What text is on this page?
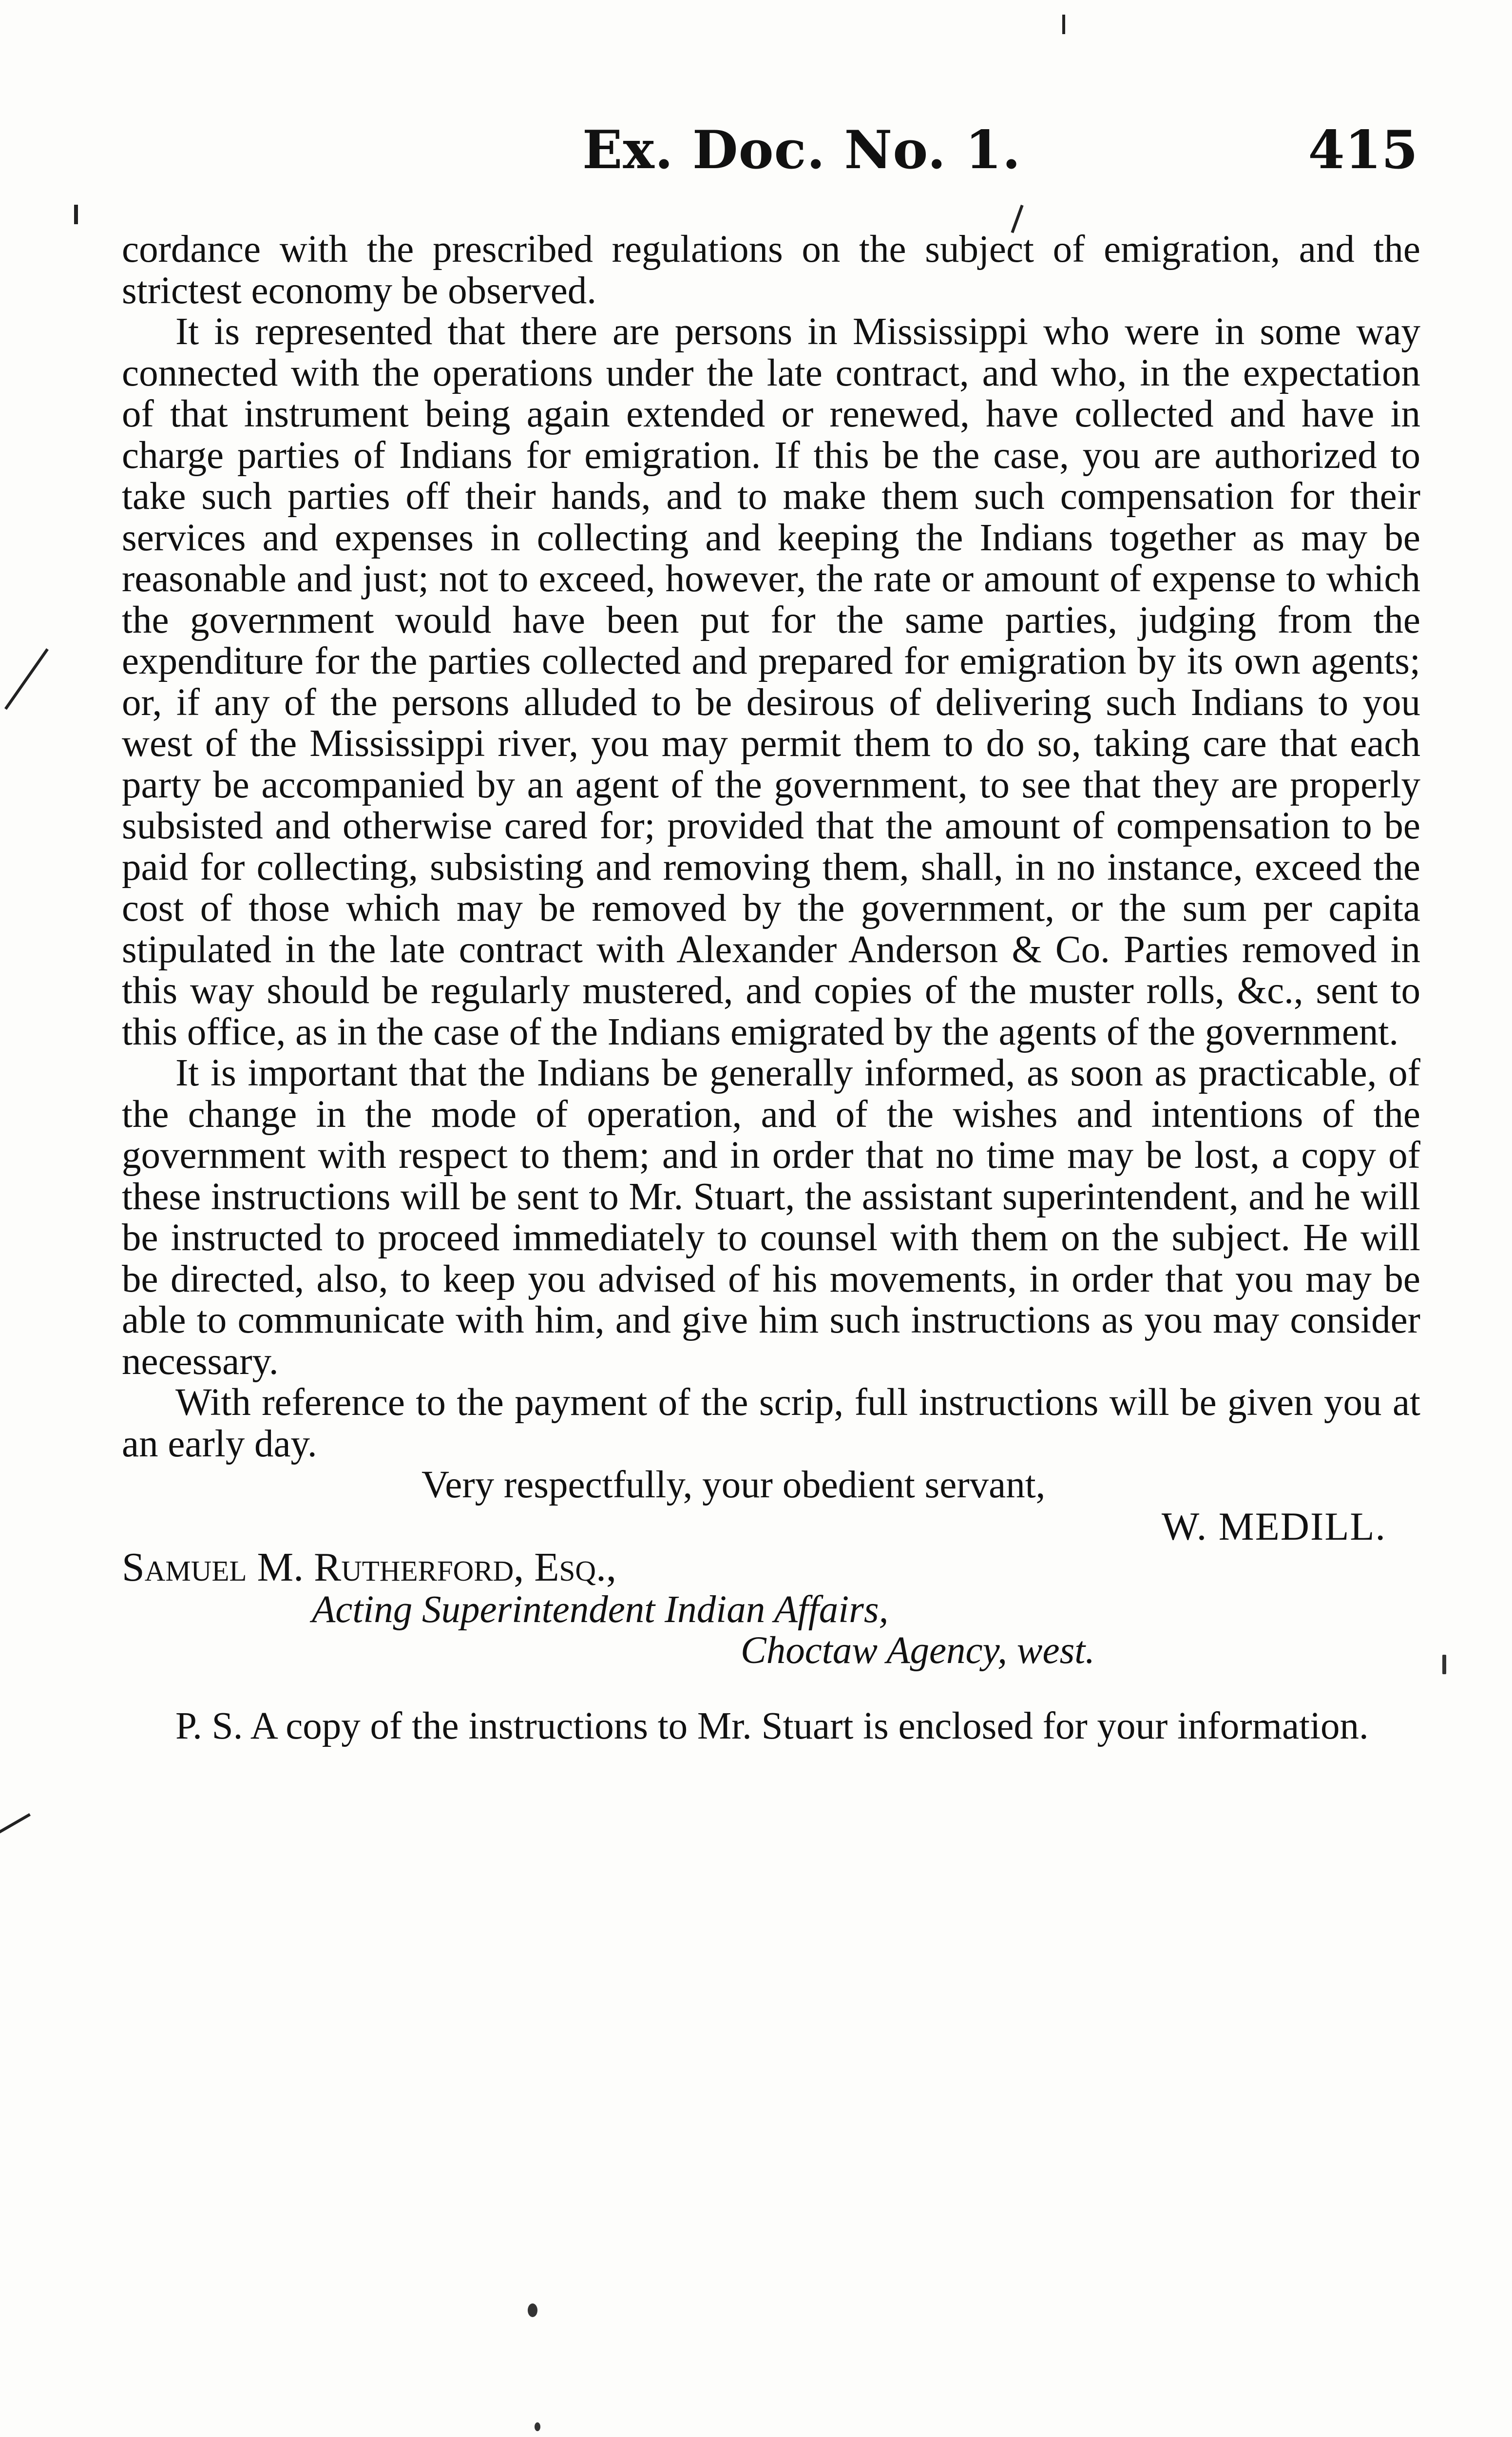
Ex. Doc. No. 1.	415

cordance with the prescribed regulations on the subject of emigration, and the strictest economy be observed.

It is represented that there are persons in Mississippi who were in some way connected with the operations under the late contract, and who, in the expectation of that instrument being again extended or renewed, have collected and have in charge parties of Indians for emigration. If this be the case, you are authorized to take such parties off their hands, and to make them such compensation for their services and expenses in collecting and keeping the Indians together as may be reasonable and just; not to exceed, however, the rate or amount of expense to which the government would have been put for the same parties, judging from the expenditure for the parties collected and prepared for emigration by its own agents; or, if any of the persons alluded to be desirous of delivering such Indians to you west of the Mississippi river, you may permit them to do so, taking care that each party be accompanied by an agent of the government, to see that they are properly subsisted and otherwise cared for; provided that the amount of compensation to be paid for collecting, subsisting and removing them, shall, in no instance, exceed the cost of those which may be removed by the government, or the sum per capita stipulated in the late contract with Alexander Anderson & Co. Parties removed in this way should be regularly mustered, and copies of the muster rolls, &c., sent to this office, as in the case of the Indians emigrated by the agents of the government.

It is important that the Indians be generally informed, as soon as practicable, of the change in the mode of operation, and of the wishes and intentions of the government with respect to them; and in order that no time may be lost, a copy of these instructions will be sent to Mr. Stuart, the assistant superintendent, and he will be instructed to proceed immediately to counsel with them on the subject. He will be directed, also, to keep you advised of his movements, in order that you may be able to communicate with him, and give him such instructions as you may consider necessary.

With reference to the payment of the scrip, full instructions will be given you at an early day.

Very respectfully, your obedient servant,

W. MEDILL.

Samuel M. Rutherford, Esq.,

Acting Superintendent Indian Affairs,

Choctaw Agency, west.

P. S. A copy of the instructions to Mr. Stuart is enclosed for your information.
